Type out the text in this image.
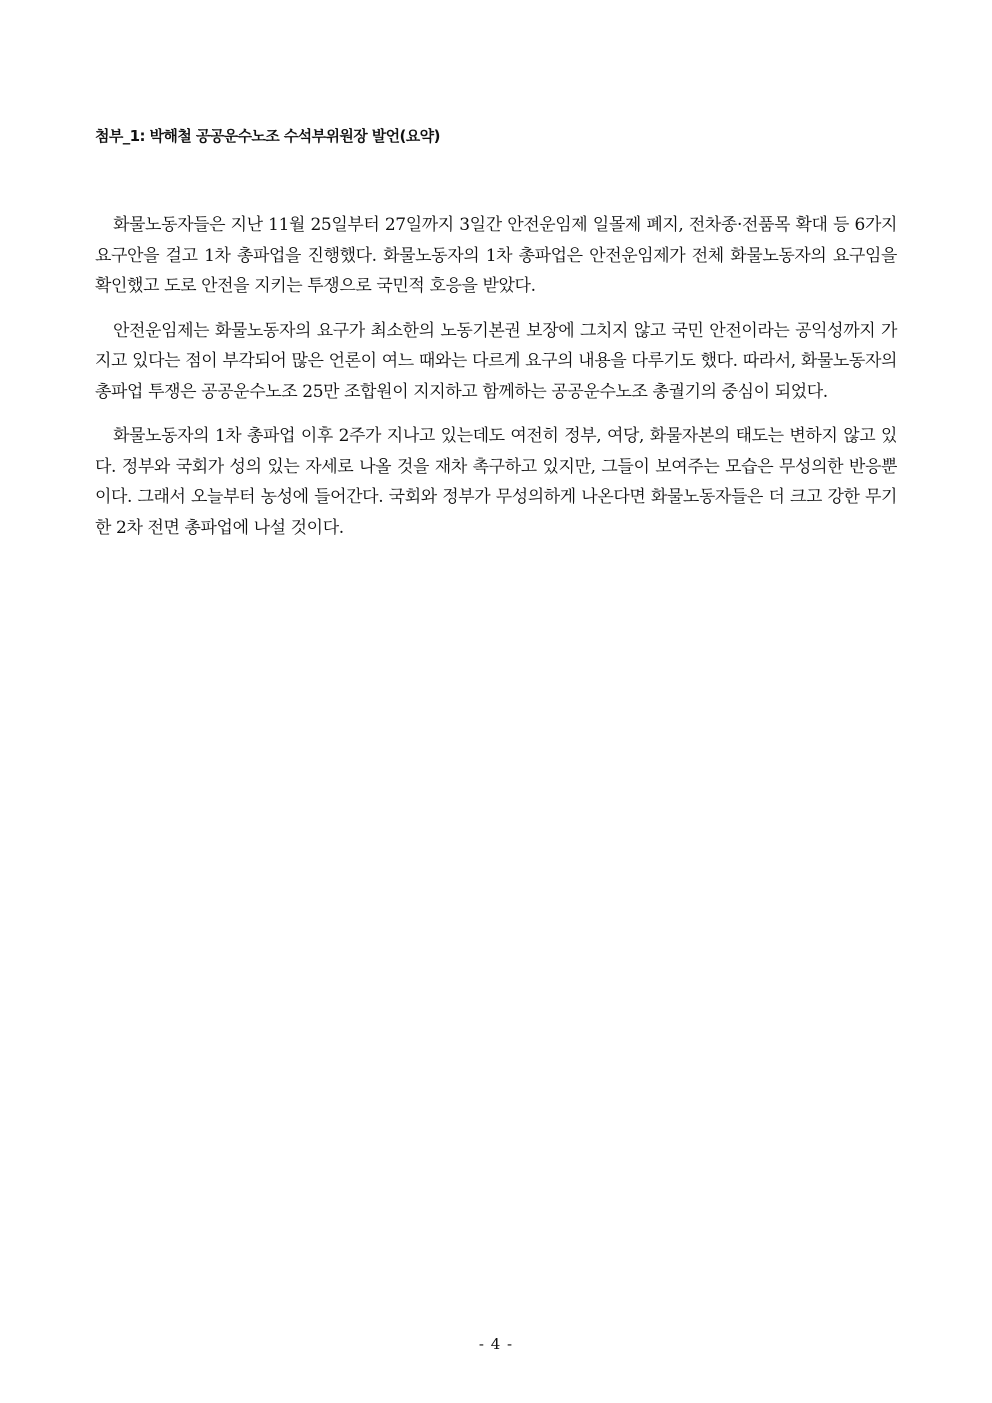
첨부_1: 박해철 공공운수노조 수석부위원장 발언(요약)

화물노동자들은 지난 11월 25일부터 27일까지 3일간 안전운임제 일몰제 폐지, 전차종·전품목 확대 등 6가지 요구안을 걸고 1차 총파업을 진행했다. 화물노동자의 1차 총파업은 안전운임제가 전체 화물노동자의 요구임을 확인했고 도로 안전을 지키는 투쟁으로 국민적 호응을 받았다.

안전운임제는 화물노동자의 요구가 최소한의 노동기본권 보장에 그치지 않고 국민 안전이라는 공익성까지 가지고 있다는 점이 부각되어 많은 언론이 여느 때와는 다르게 요구의 내용을 다루기도 했다. 따라서, 화물노동자의 총파업 투쟁은 공공운수노조 25만 조합원이 지지하고 함께하는 공공운수노조 총궐기의 중심이 되었다.

화물노동자의 1차 총파업 이후 2주가 지나고 있는데도 여전히 정부, 여당, 화물자본의 태도는 변하지 않고 있다. 정부와 국회가 성의 있는 자세로 나올 것을 재차 촉구하고 있지만, 그들이 보여주는 모습은 무성의한 반응뿐이다. 그래서 오늘부터 농성에 들어간다. 국회와 정부가 무성의하게 나온다면 화물노동자들은 더 크고 강한 무기한 2차 전면 총파업에 나설 것이다.

- 4 -
